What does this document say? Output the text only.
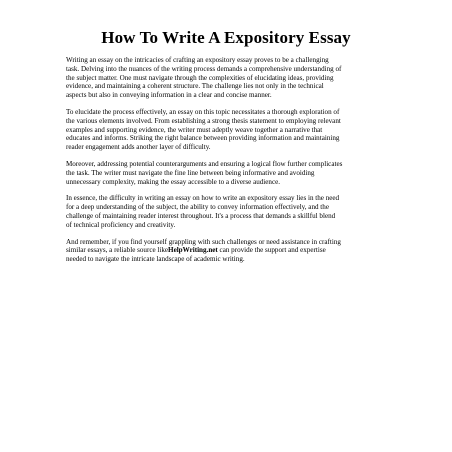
How To Write A Expository Essay

Writing an essay on the intricacies of crafting an expository essay proves to be a challenging
task. Delving into the nuances of the writing process demands a comprehensive understanding of
the subject matter. One must navigate through the complexities of elucidating ideas, providing
evidence, and maintaining a coherent structure. The challenge lies not only in the technical
aspects but also in conveying information in a clear and concise manner.

To elucidate the process effectively, an essay on this topic necessitates a thorough exploration of
the various elements involved. From establishing a strong thesis statement to employing relevant
examples and supporting evidence, the writer must adeptly weave together a narrative that
educates and informs. Striking the right balance between providing information and maintaining
reader engagement adds another layer of difficulty.

Moreover, addressing potential counterarguments and ensuring a logical flow further complicates
the task. The writer must navigate the fine line between being informative and avoiding
unnecessary complexity, making the essay accessible to a diverse audience.

In essence, the difficulty in writing an essay on how to write an expository essay lies in the need
for a deep understanding of the subject, the ability to convey information effectively, and the
challenge of maintaining reader interest throughout. It's a process that demands a skillful blend
of technical proficiency and creativity.

And remember, if you find yourself grappling with such challenges or need assistance in crafting
similar essays, a reliable source likeHelpWriting.net can provide the support and expertise
needed to navigate the intricate landscape of academic writing.
